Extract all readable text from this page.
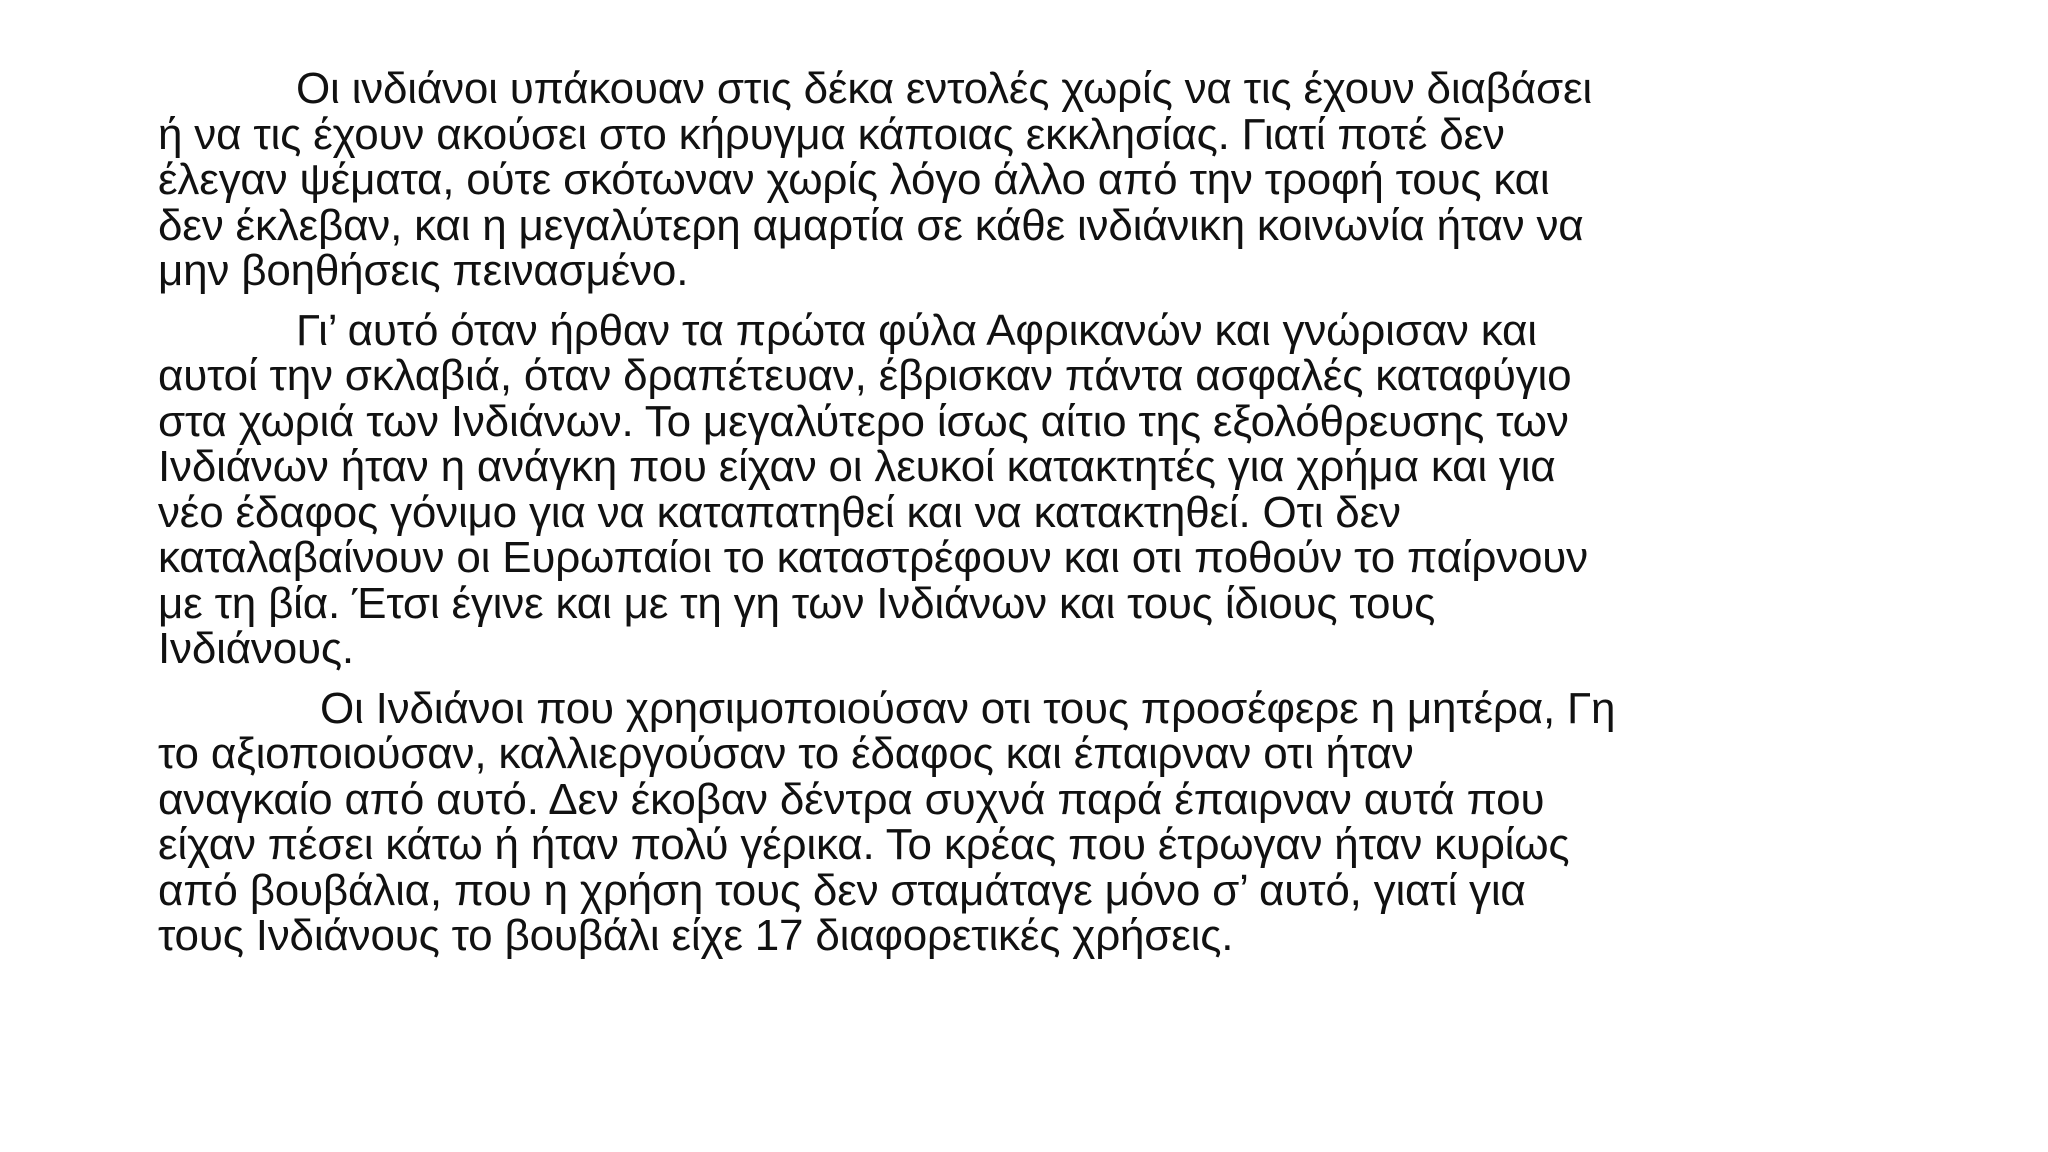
Οι ινδιάνοι υπάκουαν στις δέκα εντολές χωρίς να τις έχουν διαβάσει
ή να τις έχουν ακούσει στο κήρυγμα κάποιας εκκλησίας. Γιατί ποτέ δεν
έλεγαν ψέματα, ούτε σκότωναν χωρίς λόγο άλλο από την τροφή τους και
δεν έκλεβαν, και η μεγαλύτερη αμαρτία σε κάθε ινδιάνικη κοινωνία ήταν να
μην βοηθήσεις πεινασμένο.

Γι’ αυτό όταν ήρθαν τα πρώτα φύλα Αφρικανών και γνώρισαν και
αυτοί την σκλαβιά, όταν δραπέτευαν, έβρισκαν πάντα ασφαλές καταφύγιο
στα χωριά των Ινδιάνων. Το μεγαλύτερο ίσως αίτιο της εξολόθρευσης των
Ινδιάνων ήταν η ανάγκη που είχαν οι λευκοί κατακτητές για χρήμα και για
νέο έδαφος γόνιμο για να καταπατηθεί και να κατακτηθεί. Οτι δεν
καταλαβαίνουν οι Ευρωπαίοι το καταστρέφουν και οτι ποθούν το παίρνουν
με τη βία. Έτσι έγινε και με τη γη των Ινδιάνων και τους ίδιους τους
Ινδιάνους.

Οι Ινδιάνοι που χρησιμοποιούσαν οτι τους προσέφερε η μητέρα, Γη
το αξιοποιούσαν, καλλιεργούσαν το έδαφος και έπαιρναν οτι ήταν
αναγκαίο από αυτό. Δεν έκοβαν δέντρα συχνά παρά έπαιρναν αυτά που
είχαν πέσει κάτω ή ήταν πολύ γέρικα. Το κρέας που έτρωγαν ήταν κυρίως
από βουβάλια, που η χρήση τους δεν σταμάταγε μόνο σ’ αυτό, γιατί για
τους Ινδιάνους το βουβάλι είχε 17 διαφορετικές χρήσεις.
